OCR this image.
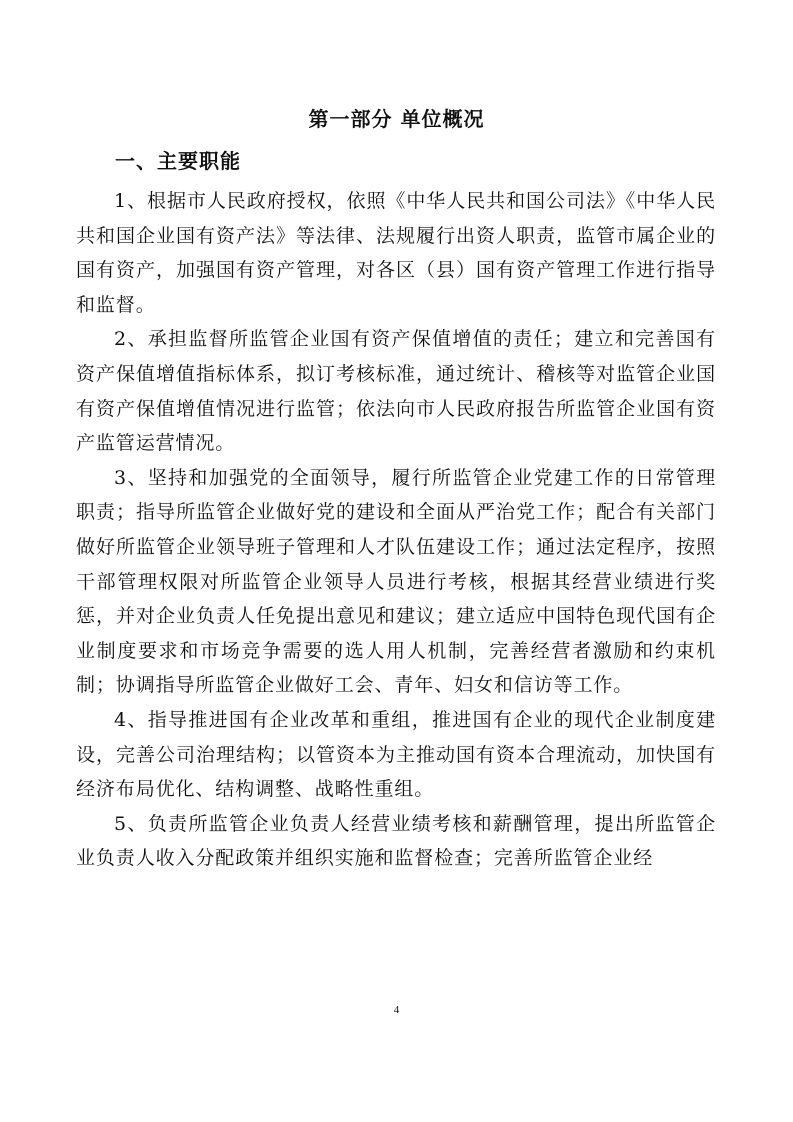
第一部分 单位概况
一、主要职能

1、根据市人民政府授权，依照《中华人民共和国公司法》《中华人民共和国企业国有资产法》等法律、法规履行出资人职责，监管市属企业的国有资产，加强国有资产管理，对各区（县）国有资产管理工作进行指导和监督。

2、承担监督所监管企业国有资产保值增值的责任；建立和完善国有资产保值增值指标体系，拟订考核标准，通过统计、稽核等对监管企业国有资产保值增值情况进行监管；依法向市人民政府报告所监管企业国有资产监管运营情况。

3、坚持和加强党的全面领导，履行所监管企业党建工作的日常管理职责；指导所监管企业做好党的建设和全面从严治党工作；配合有关部门做好所监管企业领导班子管理和人才队伍建设工作；通过法定程序，按照干部管理权限对所监管企业领导人员进行考核，根据其经营业绩进行奖惩，并对企业负责人任免提出意见和建议；建立适应中国特色现代国有企业制度要求和市场竞争需要的选人用人机制，完善经营者激励和约束机制；协调指导所监管企业做好工会、青年、妇女和信访等工作。

4、指导推进国有企业改革和重组，推进国有企业的现代企业制度建设，完善公司治理结构；以管资本为主推动国有资本合理流动，加快国有经济布局优化、结构调整、战略性重组。

5、负责所监管企业负责人经营业绩考核和薪酬管理，提出所监管企业负责人收入分配政策并组织实施和监督检查；完善所监管企业经

4
